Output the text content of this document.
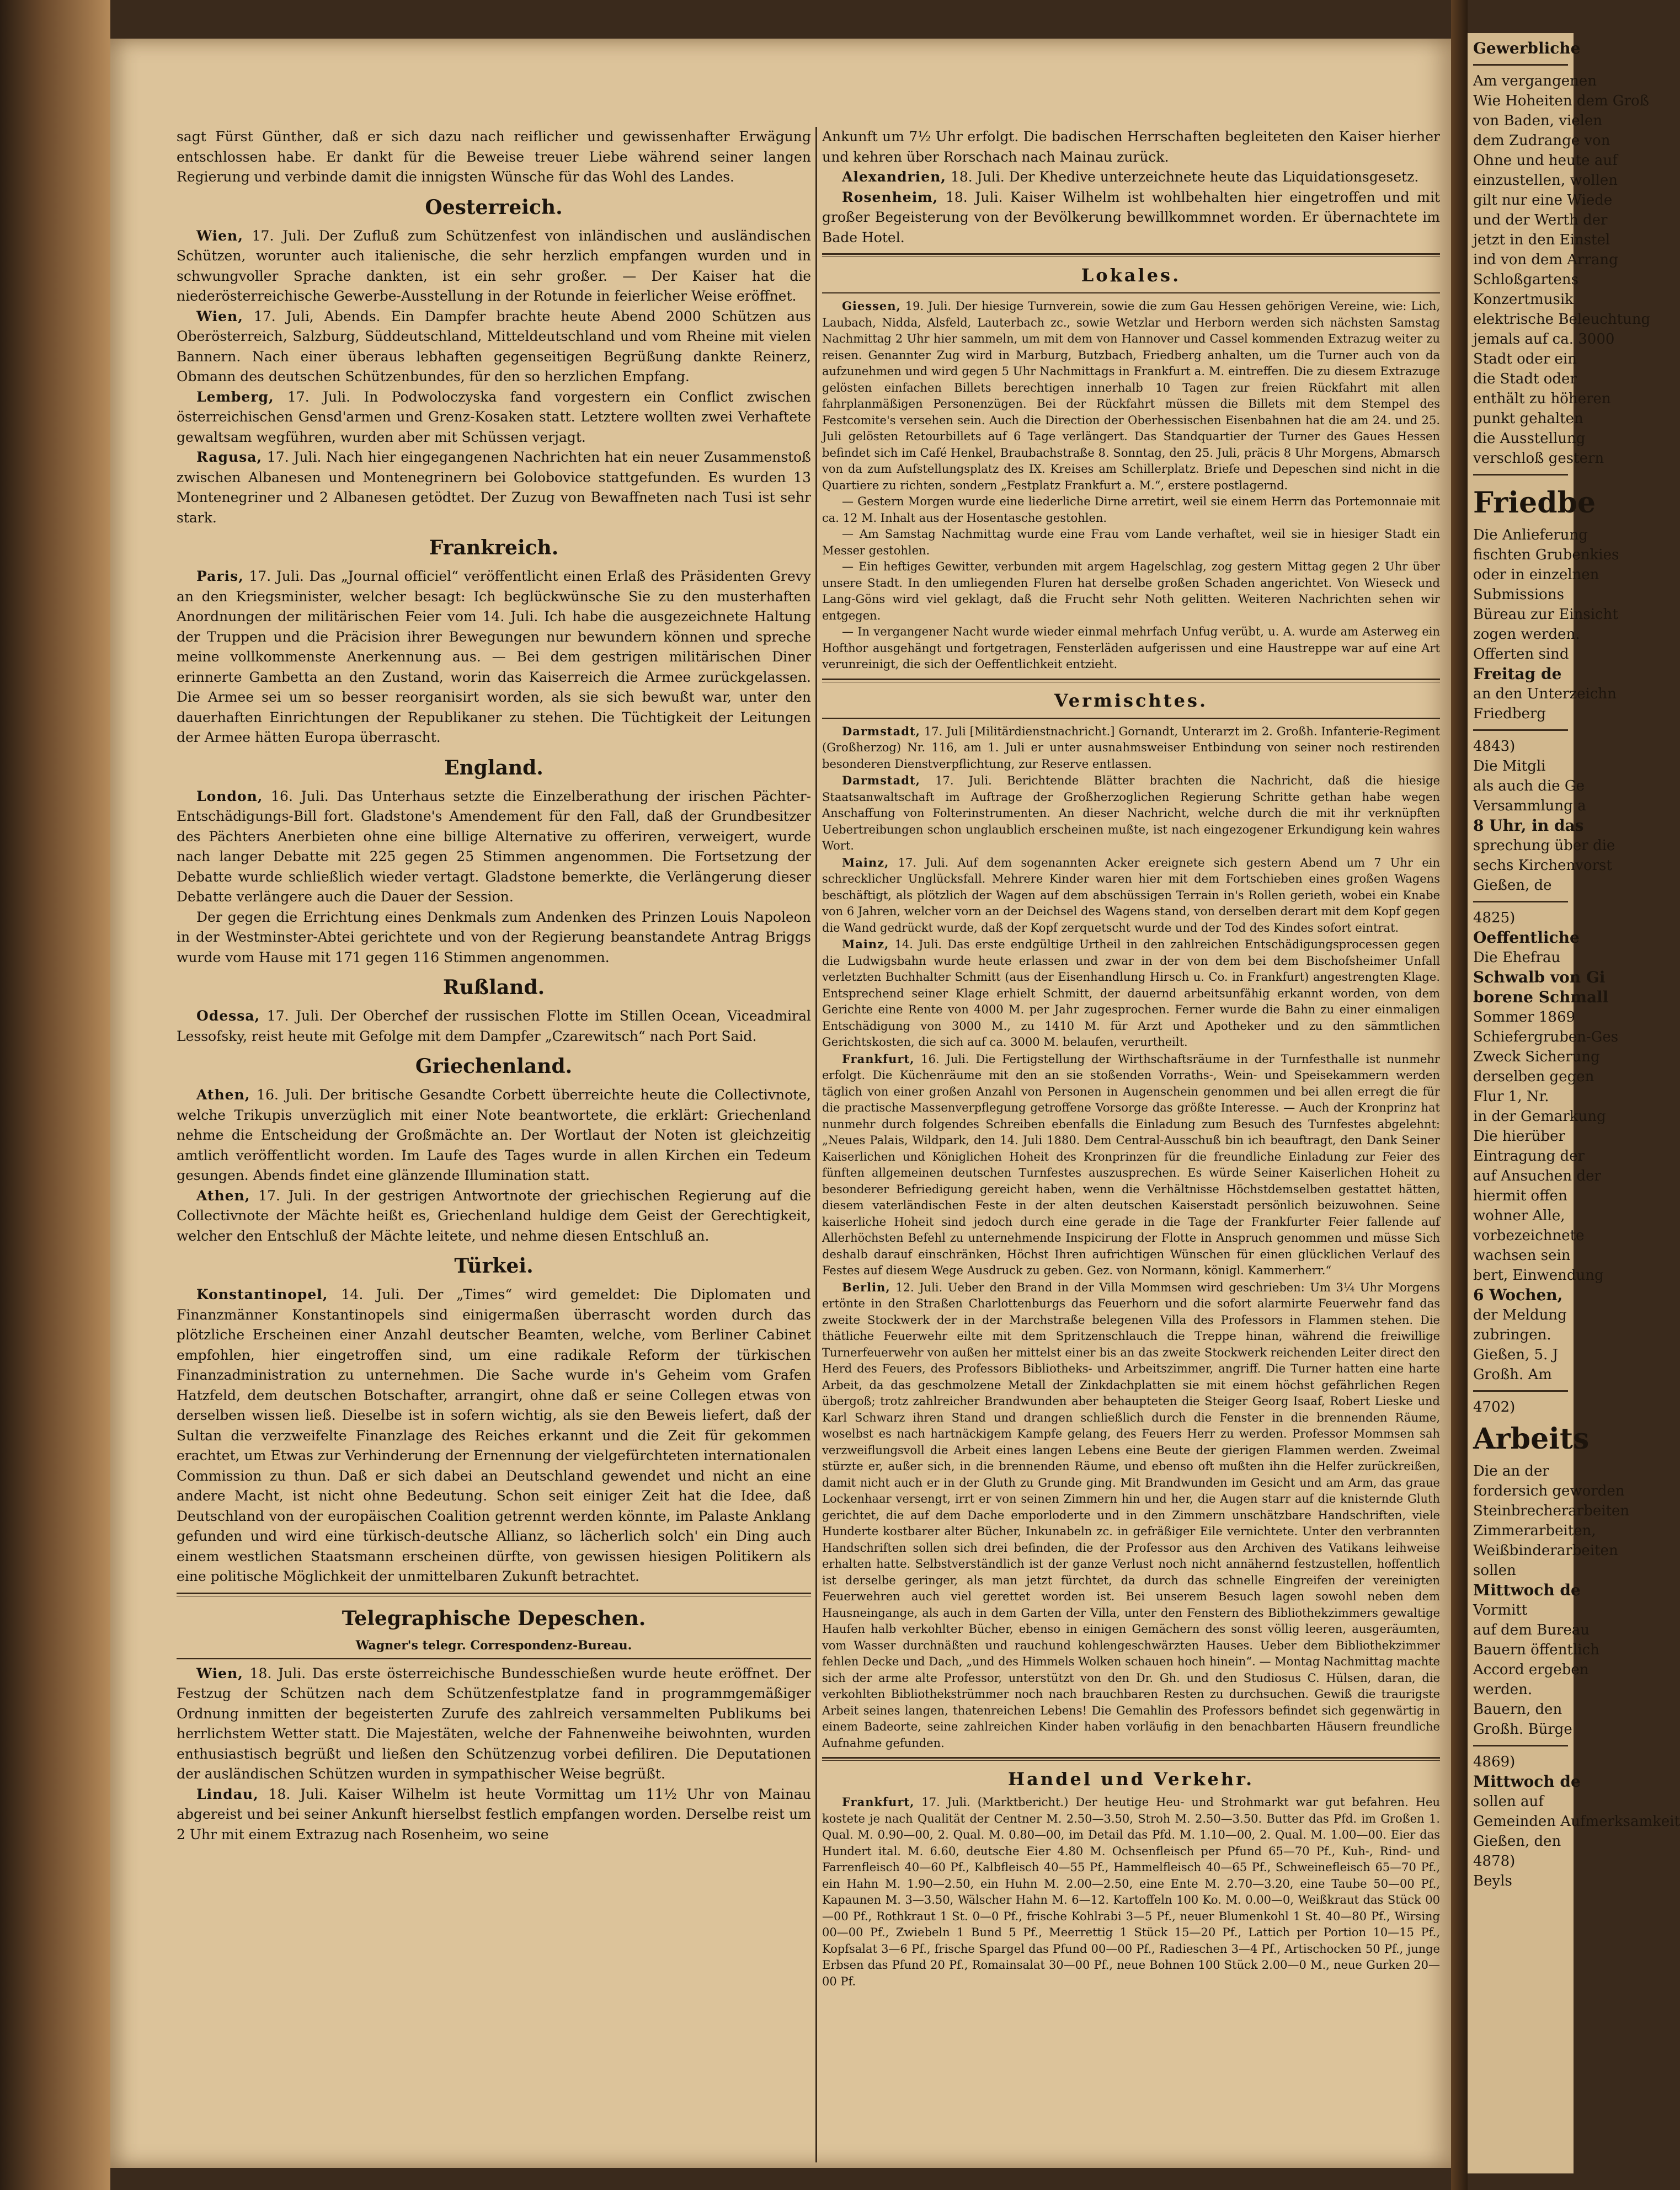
sagt Fürst Günther, daß er sich dazu nach reiflicher und gewissenhafter Erwägung entschlossen habe. Er dankt für die Beweise treuer Liebe während seiner langen Regierung und verbinde damit die innigsten Wünsche für das Wohl des Landes.

Oesterreich.

Wien, 17. Juli. Der Zufluß zum Schützenfest von inländischen und ausländischen Schützen, worunter auch italienische, die sehr herzlich empfangen wurden und in schwungvoller Sprache dankten, ist ein sehr großer. — Der Kaiser hat die niederösterreichische Gewerbe-Ausstellung in der Rotunde in feierlicher Weise eröffnet.

Wien, 17. Juli, Abends. Ein Dampfer brachte heute Abend 2000 Schützen aus Oberösterreich, Salzburg, Süddeutschland, Mitteldeutschland und vom Rheine mit vielen Bannern. Nach einer überaus lebhaften gegenseitigen Begrüßung dankte Reinerz, Obmann des deutschen Schützenbundes, für den so herzlichen Empfang.

Lemberg, 17. Juli. In Podwoloczyska fand vorgestern ein Conflict zwischen österreichischen Gensd'armen und Grenz-Kosaken statt. Letztere wollten zwei Verhaftete gewaltsam wegführen, wurden aber mit Schüssen verjagt.

Ragusa, 17. Juli. Nach hier eingegangenen Nachrichten hat ein neuer Zusammenstoß zwischen Albanesen und Montenegrinern bei Golobovice stattgefunden. Es wurden 13 Montenegriner und 2 Albanesen getödtet. Der Zuzug von Bewaffneten nach Tusi ist sehr stark.

Frankreich.

Paris, 17. Juli. Das „Journal officiel“ veröffentlicht einen Erlaß des Präsidenten Grevy an den Kriegsminister, welcher besagt: Ich beglückwünsche Sie zu den musterhaften Anordnungen der militärischen Feier vom 14. Juli. Ich habe die ausgezeichnete Haltung der Truppen und die Präcision ihrer Bewegungen nur bewundern können und spreche meine vollkommenste Anerkennung aus. — Bei dem gestrigen militärischen Diner erinnerte Gambetta an den Zustand, worin das Kaiserreich die Armee zurückgelassen. Die Armee sei um so besser reorganisirt worden, als sie sich bewußt war, unter den dauerhaften Einrichtungen der Republikaner zu stehen. Die Tüchtigkeit der Leitungen der Armee hätten Europa überrascht.

England.

London, 16. Juli. Das Unterhaus setzte die Einzelberathung der irischen Pächter-Entschädigungs-Bill fort. Gladstone's Amendement für den Fall, daß der Grundbesitzer des Pächters Anerbieten ohne eine billige Alternative zu offeriren, verweigert, wurde nach langer Debatte mit 225 gegen 25 Stimmen angenommen. Die Fortsetzung der Debatte wurde schließlich wieder vertagt. Gladstone bemerkte, die Verlängerung dieser Debatte verlängere auch die Dauer der Session.

Der gegen die Errichtung eines Denkmals zum Andenken des Prinzen Louis Napoleon in der Westminster-Abtei gerichtete und von der Regierung beanstandete Antrag Briggs wurde vom Hause mit 171 gegen 116 Stimmen angenommen.

Rußland.

Odessa, 17. Juli. Der Oberchef der russischen Flotte im Stillen Ocean, Viceadmiral Lessofsky, reist heute mit Gefolge mit dem Dampfer „Czarewitsch“ nach Port Said.

Griechenland.

Athen, 16. Juli. Der britische Gesandte Corbett überreichte heute die Collectivnote, welche Trikupis unverzüglich mit einer Note beantwortete, die erklärt: Griechenland nehme die Entscheidung der Großmächte an. Der Wortlaut der Noten ist gleichzeitig amtlich veröffentlicht worden. Im Laufe des Tages wurde in allen Kirchen ein Tedeum gesungen. Abends findet eine glänzende Illumination statt.

Athen, 17. Juli. In der gestrigen Antwortnote der griechischen Regierung auf die Collectivnote der Mächte heißt es, Griechenland huldige dem Geist der Gerechtigkeit, welcher den Entschluß der Mächte leitete, und nehme diesen Entschluß an.

Türkei.

Konstantinopel, 14. Juli. Der „Times“ wird gemeldet: Die Diplomaten und Finanzmänner Konstantinopels sind einigermaßen überrascht worden durch das plötzliche Erscheinen einer Anzahl deutscher Beamten, welche, vom Berliner Cabinet empfohlen, hier eingetroffen sind, um eine radikale Reform der türkischen Finanzadministration zu unternehmen. Die Sache wurde in's Geheim vom Grafen Hatzfeld, dem deutschen Botschafter, arrangirt, ohne daß er seine Collegen etwas von derselben wissen ließ. Dieselbe ist in sofern wichtig, als sie den Beweis liefert, daß der Sultan die verzweifelte Finanzlage des Reiches erkannt und die Zeit für gekommen erachtet, um Etwas zur Verhinderung der Ernennung der vielgefürchteten internationalen Commission zu thun. Daß er sich dabei an Deutschland gewendet und nicht an eine andere Macht, ist nicht ohne Bedeutung. Schon seit einiger Zeit hat die Idee, daß Deutschland von der europäischen Coalition getrennt werden könnte, im Palaste Anklang gefunden und wird eine türkisch-deutsche Allianz, so lächerlich solch' ein Ding auch einem westlichen Staatsmann erscheinen dürfte, von gewissen hiesigen Politikern als eine politische Möglichkeit der unmittelbaren Zukunft betrachtet.

Telegraphische Depeschen.
Wagner's telegr. Correspondenz-Bureau.

Wien, 18. Juli. Das erste österreichische Bundesschießen wurde heute eröffnet. Der Festzug der Schützen nach dem Schützenfestplatze fand in programmgemäßiger Ordnung inmitten der begeisterten Zurufe des zahlreich versammelten Publikums bei herrlichstem Wetter statt. Die Majestäten, welche der Fahnenweihe beiwohnten, wurden enthusiastisch begrüßt und ließen den Schützenzug vorbei defiliren. Die Deputationen der ausländischen Schützen wurden in sympathischer Weise begrüßt.

Lindau, 18. Juli. Kaiser Wilhelm ist heute Vormittag um 11½ Uhr von Mainau abgereist und bei seiner Ankunft hierselbst festlich empfangen worden. Derselbe reist um 2 Uhr mit einem Extrazug nach Rosenheim, wo seine

Ankunft um 7½ Uhr erfolgt. Die badischen Herrschaften begleiteten den Kaiser hierher und kehren über Rorschach nach Mainau zurück.

Alexandrien, 18. Juli. Der Khedive unterzeichnete heute das Liquidationsgesetz.

Rosenheim, 18. Juli. Kaiser Wilhelm ist wohlbehalten hier eingetroffen und mit großer Begeisterung von der Bevölkerung bewillkommnet worden. Er übernachtete im Bade Hotel.

Lokales.

Giessen, 19. Juli. Der hiesige Turnverein, sowie die zum Gau Hessen gehörigen Vereine, wie: Lich, Laubach, Nidda, Alsfeld, Lauterbach zc., sowie Wetzlar und Herborn werden sich nächsten Samstag Nachmittag 2 Uhr hier sammeln, um mit dem von Hannover und Cassel kommenden Extrazug weiter zu reisen. Genannter Zug wird in Marburg, Butzbach, Friedberg anhalten, um die Turner auch von da aufzunehmen und wird gegen 5 Uhr Nachmittags in Frankfurt a. M. eintreffen. Die zu diesem Extrazuge gelösten einfachen Billets berechtigen innerhalb 10 Tagen zur freien Rückfahrt mit allen fahrplanmäßigen Personenzügen. Bei der Rückfahrt müssen die Billets mit dem Stempel des Festcomite's versehen sein. Auch die Direction der Oberhessischen Eisenbahnen hat die am 24. und 25. Juli gelösten Retourbillets auf 6 Tage verlängert. Das Standquartier der Turner des Gaues Hessen befindet sich im Café Henkel, Braubachstraße 8. Sonntag, den 25. Juli, präcis 8 Uhr Morgens, Abmarsch von da zum Aufstellungsplatz des IX. Kreises am Schillerplatz. Briefe und Depeschen sind nicht in die Quartiere zu richten, sondern „Festplatz Frankfurt a. M.“, erstere postlagernd.

— Gestern Morgen wurde eine liederliche Dirne arretirt, weil sie einem Herrn das Portemonnaie mit ca. 12 M. Inhalt aus der Hosentasche gestohlen.

— Am Samstag Nachmittag wurde eine Frau vom Lande verhaftet, weil sie in hiesiger Stadt ein Messer gestohlen.

— Ein heftiges Gewitter, verbunden mit argem Hagelschlag, zog gestern Mittag gegen 2 Uhr über unsere Stadt. In den umliegenden Fluren hat derselbe großen Schaden angerichtet. Von Wieseck und Lang-Göns wird viel geklagt, daß die Frucht sehr Noth gelitten. Weiteren Nachrichten sehen wir entgegen.

— In vergangener Nacht wurde wieder einmal mehrfach Unfug verübt, u. A. wurde am Asterweg ein Hofthor ausgehängt und fortgetragen, Fensterläden aufgerissen und eine Haustreppe war auf eine Art verunreinigt, die sich der Oeffentlichkeit entzieht.

Vermischtes.

Darmstadt, 17. Juli [Militärdienstnachricht.] Gornandt, Unterarzt im 2. Großh. Infanterie-Regiment (Großherzog) Nr. 116, am 1. Juli er unter ausnahmsweiser Entbindung von seiner noch restirenden besonderen Dienstverpflichtung, zur Reserve entlassen.

Darmstadt, 17. Juli. Berichtende Blätter brachten die Nachricht, daß die hiesige Staatsanwaltschaft im Auftrage der Großherzoglichen Regierung Schritte gethan habe wegen Anschaffung von Folterinstrumenten. An dieser Nachricht, welche durch die mit ihr verknüpften Uebertreibungen schon unglaublich erscheinen mußte, ist nach eingezogener Erkundigung kein wahres Wort.

Mainz, 17. Juli. Auf dem sogenannten Acker ereignete sich gestern Abend um 7 Uhr ein schrecklicher Unglücksfall. Mehrere Kinder waren hier mit dem Fortschieben eines großen Wagens beschäftigt, als plötzlich der Wagen auf dem abschüssigen Terrain in's Rollen gerieth, wobei ein Knabe von 6 Jahren, welcher vorn an der Deichsel des Wagens stand, von derselben derart mit dem Kopf gegen die Wand gedrückt wurde, daß der Kopf zerquetscht wurde und der Tod des Kindes sofort eintrat.

Mainz, 14. Juli. Das erste endgültige Urtheil in den zahlreichen Entschädigungsprocessen gegen die Ludwigsbahn wurde heute erlassen und zwar in der von dem bei dem Bischofsheimer Unfall verletzten Buchhalter Schmitt (aus der Eisenhandlung Hirsch u. Co. in Frankfurt) angestrengten Klage. Entsprechend seiner Klage erhielt Schmitt, der dauernd arbeitsunfähig erkannt worden, von dem Gerichte eine Rente von 4000 M. per Jahr zugesprochen. Ferner wurde die Bahn zu einer einmaligen Entschädigung von 3000 M., zu 1410 M. für Arzt und Apotheker und zu den sämmtlichen Gerichtskosten, die sich auf ca. 3000 M. belaufen, verurtheilt.

Frankfurt, 16. Juli. Die Fertigstellung der Wirthschaftsräume in der Turnfesthalle ist nunmehr erfolgt. Die Küchenräume mit den an sie stoßenden Vorraths-, Wein- und Speisekammern werden täglich von einer großen Anzahl von Personen in Augenschein genommen und bei allen erregt die für die practische Massenverpflegung getroffene Vorsorge das größte Interesse. — Auch der Kronprinz hat nunmehr durch folgendes Schreiben ebenfalls die Einladung zum Besuch des Turnfestes abgelehnt: „Neues Palais, Wildpark, den 14. Juli 1880. Dem Central-Ausschuß bin ich beauftragt, den Dank Seiner Kaiserlichen und Königlichen Hoheit des Kronprinzen für die freundliche Einladung zur Feier des fünften allgemeinen deutschen Turnfestes auszusprechen. Es würde Seiner Kaiserlichen Hoheit zu besonderer Befriedigung gereicht haben, wenn die Verhältnisse Höchstdemselben gestattet hätten, diesem vaterländischen Feste in der alten deutschen Kaiserstadt persönlich beizuwohnen. Seine kaiserliche Hoheit sind jedoch durch eine gerade in die Tage der Frankfurter Feier fallende auf Allerhöchsten Befehl zu unternehmende Inspicirung der Flotte in Anspruch genommen und müsse Sich deshalb darauf einschränken, Höchst Ihren aufrichtigen Wünschen für einen glücklichen Verlauf des Festes auf diesem Wege Ausdruck zu geben. Gez. von Normann, königl. Kammerherr.“

Berlin, 12. Juli. Ueber den Brand in der Villa Mommsen wird geschrieben: Um 3¼ Uhr Morgens ertönte in den Straßen Charlottenburgs das Feuerhorn und die sofort alarmirte Feuerwehr fand das zweite Stockwerk der in der Marchstraße belegenen Villa des Professors in Flammen stehen. Die thätliche Feuerwehr eilte mit dem Spritzenschlauch die Treppe hinan, während die freiwillige Turnerfeuerwehr von außen her mittelst einer bis an das zweite Stockwerk reichenden Leiter direct den Herd des Feuers, des Professors Bibliotheks- und Arbeitszimmer, angriff. Die Turner hatten eine harte Arbeit, da das geschmolzene Metall der Zinkdachplatten sie mit einem höchst gefährlichen Regen übergoß; trotz zahlreicher Brandwunden aber behaupteten die Steiger Georg Isaaf, Robert Lieske und Karl Schwarz ihren Stand und drangen schließlich durch die Fenster in die brennenden Räume, woselbst es nach hartnäckigem Kampfe gelang, des Feuers Herr zu werden. Professor Mommsen sah verzweiflungsvoll die Arbeit eines langen Lebens eine Beute der gierigen Flammen werden. Zweimal stürzte er, außer sich, in die brennenden Räume, und ebenso oft mußten ihn die Helfer zurückreißen, damit nicht auch er in der Gluth zu Grunde ging. Mit Brandwunden im Gesicht und am Arm, das graue Lockenhaar versengt, irrt er von seinen Zimmern hin und her, die Augen starr auf die knisternde Gluth gerichtet, die auf dem Dache emporloderte und in den Zimmern unschätzbare Handschriften, viele Hunderte kostbarer alter Bücher, Inkunabeln zc. in gefräßiger Eile vernichtete. Unter den verbrannten Handschriften sollen sich drei befinden, die der Professor aus den Archiven des Vatikans leihweise erhalten hatte. Selbstverständlich ist der ganze Verlust noch nicht annähernd festzustellen, hoffentlich ist derselbe geringer, als man jetzt fürchtet, da durch das schnelle Eingreifen der vereinigten Feuerwehren auch viel gerettet worden ist. Bei unserem Besuch lagen sowohl neben dem Hausneingange, als auch in dem Garten der Villa, unter den Fenstern des Bibliothekzimmers gewaltige Haufen halb verkohlter Bücher, ebenso in einigen Gemächern des sonst völlig leeren, ausgeräumten, vom Wasser durchnäßten und rauchund kohlengeschwärzten Hauses. Ueber dem Bibliothekzimmer fehlen Decke und Dach, „und des Himmels Wolken schauen hoch hinein“. — Montag Nachmittag machte sich der arme alte Professor, unterstützt von den Dr. Gh. und den Studiosus C. Hülsen, daran, die verkohlten Bibliothekstrümmer noch nach brauchbaren Resten zu durchsuchen. Gewiß die traurigste Arbeit seines langen, thatenreichen Lebens! Die Gemahlin des Professors befindet sich gegenwärtig in einem Badeorte, seine zahlreichen Kinder haben vorläufig in den benachbarten Häusern freundliche Aufnahme gefunden.

Handel und Verkehr.

Frankfurt, 17. Juli. (Marktbericht.) Der heutige Heu- und Strohmarkt war gut befahren. Heu kostete je nach Qualität der Centner M. 2.50—3.50, Stroh M. 2.50—3.50. Butter das Pfd. im Großen 1. Qual. M. 0.90—00, 2. Qual. M. 0.80—00, im Detail das Pfd. M. 1.10—00, 2. Qual. M. 1.00—00. Eier das Hundert ital. M. 6.60, deutsche Eier 4.80 M. Ochsenfleisch per Pfund 65—70 Pf., Kuh-, Rind- und Farrenfleisch 40—60 Pf., Kalbfleisch 40—55 Pf., Hammelfleisch 40—65 Pf., Schweinefleisch 65—70 Pf., ein Hahn M. 1.90—2.50, ein Huhn M. 2.00—2.50, eine Ente M. 2.70—3.20, eine Taube 50—00 Pf., Kapaunen M. 3—3.50, Wälscher Hahn M. 6—12. Kartoffeln 100 Ko. M. 0.00—0, Weißkraut das Stück 00—00 Pf., Rothkraut 1 St. 0—0 Pf., frische Kohlrabi 3—5 Pf., neuer Blumenkohl 1 St. 40—80 Pf., Wirsing 00—00 Pf., Zwiebeln 1 Bund 5 Pf., Meerrettig 1 Stück 15—20 Pf., Lattich per Portion 10—15 Pf., Kopfsalat 3—6 Pf., frische Spargel das Pfund 00—00 Pf., Radieschen 3—4 Pf., Artischocken 50 Pf., junge Erbsen das Pfund 20 Pf., Romainsalat 30—00 Pf., neue Bohnen 100 Stück 2.00—0 M., neue Gurken 20—00 Pf.

Gewerbliche
Am vergangenen
Wie Hoheiten dem Groß
von Baden, vielen
dem Zudrange von
Ohne und heute auf
einzustellen, wollen
gilt nur eine Wiede
und der Werth der
jetzt in den Einstel
ind von dem Arrang
Schloßgartens
Konzertmusik
elektrische Beleuchtung
jemals auf ca. 3000
Stadt oder ein
die Stadt oder
enthält zu höheren
punkt gehalten
die Ausstellung
verschloß gestern
Friedbe
Die Anlieferung
fischten Grubenkies
oder in einzelnen
Submissions
Büreau zur Einsicht
zogen werden.
Offerten sind
Freitag de
an den Unterzeichn
Friedberg
4843)
Die Mitgli
als auch die Ge
Versammlung a
8 Uhr, in das
sprechung über die
sechs Kirchenvorst
Gießen, de
4825)
Oeffentliche
Die Ehefrau
Schwalb von Gi
borene Schmall
Sommer 1869
Schiefergruben-Ges
Zweck Sicherung
derselben gegen
Flur 1, Nr.
in der Gemarkung
Die hierüber
Eintragung der
auf Ansuchen der
hiermit offen
wohner Alle,
vorbezeichnete
wachsen sein
bert, Einwendung
6 Wochen,
der Meldung
zubringen.
Gießen, 5. J
Großh. Am
4702)
Arbeits
Die an der
fordersich geworden
Steinbrecherarbeiten
Zimmerarbeiten,
Weißbinderarbeiten
sollen
Mittwoch de
Vormitt
auf dem Bureau
Bauern öffentlich
Accord ergeben
werden.
Bauern, den
Großh. Bürge
4869)
Mittwoch de
sollen auf
Gemeinden Aufmerksamkeit
Gießen, den
4878)
Beyls
